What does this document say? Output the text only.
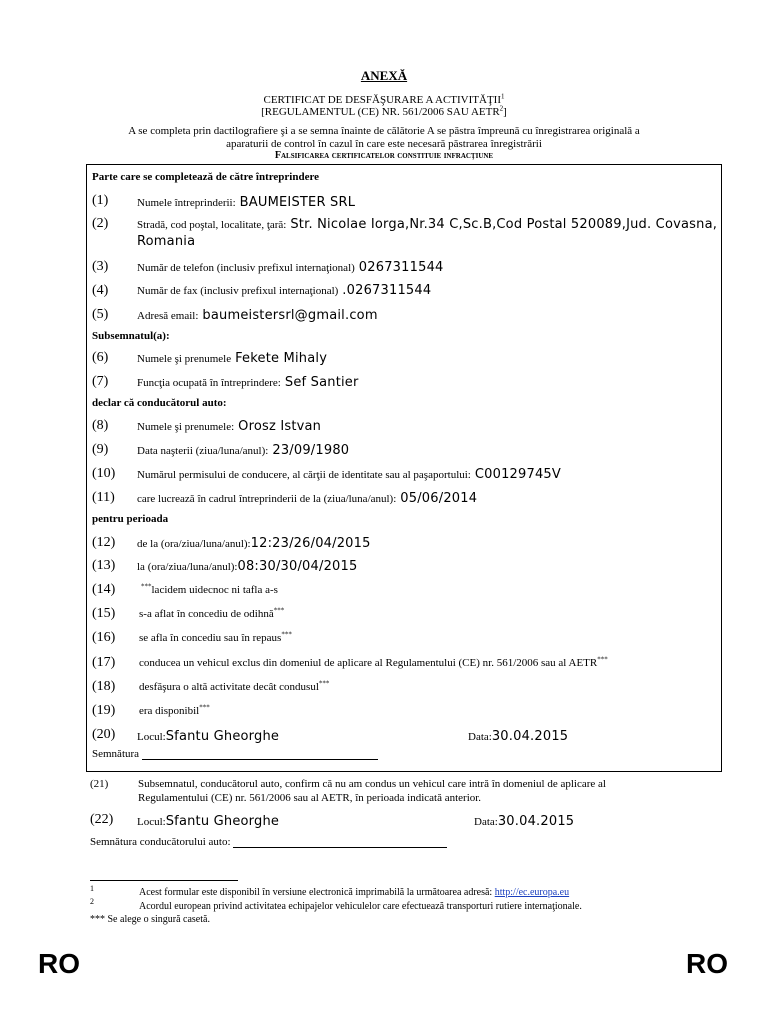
ANEXĂ
CERTIFICAT DE DESFĂŞURARE A ACTIVITĂŢII$^1$
[REGULAMENTUL (CE) NR. 561/2006 SAU AETR$^2$]
A se completa prin dactilografiere şi a se semna înainte de călătorie A se păstra împreună cu înregistrarea originală a
aparaturii de control în cazul în care este necesară păstrarea înregistrării
Falsificarea certificatelor constituie infracţiune
Parte care se completează de către întreprindere
(1)	Numele întreprinderii: BAUMEISTER SRL
(2)	Stradă, cod poştal, localitate, ţară: Str. Nicolae Iorga,Nr.34 C,Sc.B,Cod Postal 520089,Jud. Covasna,
Romania
(3)	Număr de telefon (inclusiv prefixul internaţional) 0267311544
(4)	Număr de fax (inclusiv prefixul internaţional) .0267311544
(5)	Adresă email: baumeistersrl@gmail.com
Subsemnatul(a):
(6)	Numele şi prenumele Fekete Mihaly
(7)	Funcţia ocupată în întreprindere: Sef Santier
declar că conducătorul auto:
(8)	Numele şi prenumele: Orosz Istvan
(9)	Data naşterii (ziua/luna/anul): 23/09/1980
(10) Numărul permisului de conducere, al cărţii de identitate sau al paşaportului: C00129745V
(11) care lucrează în cadrul întreprinderii de la (ziua/luna/anul): 05/06/2014
pentru perioada
(12) de la (ora/ziua/luna/anul):12:23/26/04/2015
(13) la (ora/ziua/luna/anul):08:30/30/04/2015
(14)	***lacidem uidecnoc ni tafla a-s
(15) s-a aflat în concediu de odihnă***
(16) se afla în concediu sau în repaus***
(17) conducea un vehicul exclus din domeniul de aplicare al Regulamentului (CE) nr. 561/2006 sau al AETR***
(18) desfăşura o altă activitate decât condusul***
(19) era disponibil***
(20) Locul:Sfantu Gheorghe	Data:30.04.2015
Semnătura
(21)	Subsemnatul, conducătorul auto, confirm că nu am condus un vehicul care intră în domeniul de aplicare al
Regulamentului (CE) nr. 561/2006 sau al AETR, în perioada indicată anterior.
(22) Locul:Sfantu Gheorghe	Data:30.04.2015
Semnătura conducătorului auto:
1	Acest formular este disponibil în versiune electronică imprimabilă la următoarea adresă: http://ec.europa.eu
2	Acordul european privind activitatea echipajelor vehiculelor care efectuează transporturi rutiere internaţionale.
*** Se alege o singură casetă.
RO	RO
